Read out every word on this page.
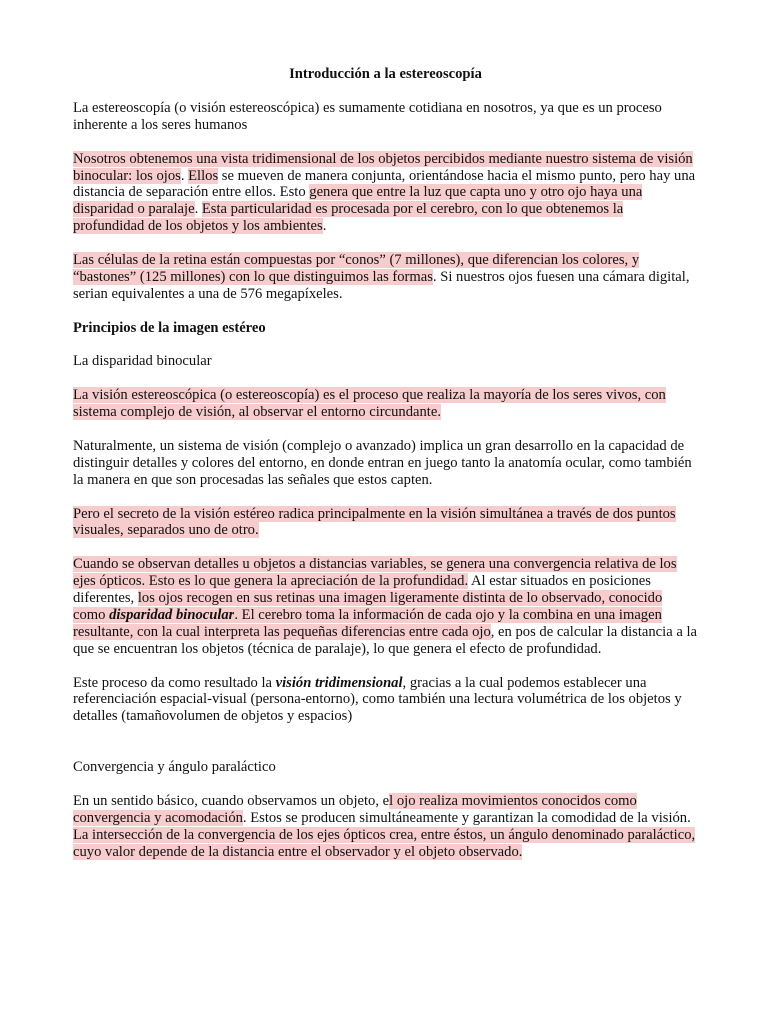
Introducción a la estereoscopía

La estereoscopía (o visión estereoscópica) es sumamente cotidiana en nosotros, ya que es un proceso inherente a los seres humanos

Nosotros obtenemos una vista tridimensional de los objetos percibidos mediante nuestro sistema de visión binocular: los ojos. Ellos se mueven de manera conjunta, orientándose hacia el mismo punto, pero hay una distancia de separación entre ellos. Esto genera que entre la luz que capta uno y otro ojo haya una disparidad o paralaje. Esta particularidad es procesada por el cerebro, con lo que obtenemos la profundidad de los objetos y los ambientes.

Las células de la retina están compuestas por “conos” (7 millones), que diferencian los colores, y “bastones” (125 millones) con lo que distinguimos las formas. Si nuestros ojos fuesen una cámara digital, serian equivalentes a una de 576 megapíxeles.

Principios de la imagen estéreo

La disparidad binocular

La visión estereoscópica (o estereoscopía) es el proceso que realiza la mayoría de los seres vivos, con sistema complejo de visión, al observar el entorno circundante.

Naturalmente, un sistema de visión (complejo o avanzado) implica un gran desarrollo en la capacidad de distinguir detalles y colores del entorno, en donde entran en juego tanto la anatomía ocular, como también la manera en que son procesadas las señales que estos capten.

Pero el secreto de la visión estéreo radica principalmente en la visión simultánea a través de dos puntos visuales, separados uno de otro.

Cuando se observan detalles u objetos a distancias variables, se genera una convergencia relativa de los ejes ópticos. Esto es lo que genera la apreciación de la profundidad. Al estar situados en posiciones diferentes, los ojos recogen en sus retinas una imagen ligeramente distinta de lo observado, conocido como disparidad binocular. El cerebro toma la información de cada ojo y la combina en una imagen resultante, con la cual interpreta las pequeñas diferencias entre cada ojo, en pos de calcular la distancia a la que se encuentran los objetos (técnica de paralaje), lo que genera el efecto de profundidad.

Este proceso da como resultado la visión tridimensional, gracias a la cual podemos establecer una referenciación espacial-visual (persona-entorno), como también una lectura volumétrica de los objetos y detalles (tamañovolumen de objetos y espacios)

Convergencia y ángulo paraláctico

En un sentido básico, cuando observamos un objeto, el ojo realiza movimientos conocidos como convergencia y acomodación. Estos se producen simultáneamente y garantizan la comodidad de la visión. La intersección de la convergencia de los ejes ópticos crea, entre éstos, un ángulo denominado paraláctico, cuyo valor depende de la distancia entre el observador y el objeto observado.
